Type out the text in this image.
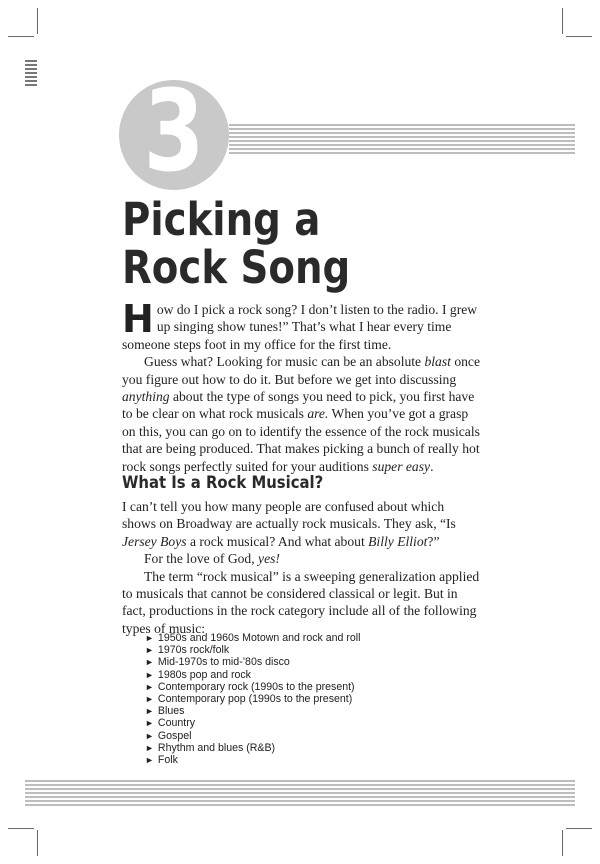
3
Picking a
Rock Song

How do I pick a rock song? I don’t listen to the radio. I grew up singing show tunes!” That’s what I hear every time someone steps foot in my office for the first time.

Guess what? Looking for music can be an absolute blast once you figure out how to do it. But before we get into discussing anything about the type of songs you need to pick, you first have to be clear on what rock musicals are. When you’ve got a grasp on this, you can go on to identify the essence of the rock musicals that are being produced. That makes picking a bunch of really hot rock songs perfectly suited for your auditions super easy.

What Is a Rock Musical?

I can’t tell you how many people are confused about which shows on Broadway are actually rock musicals. They ask, “Is Jersey Boys a rock musical? And what about Billy Elliot?”

For the love of God, yes!

The term “rock musical” is a sweeping generalization applied to musicals that cannot be considered classical or legit. But in fact, productions in the rock category include all of the following types of music:

► 1950s and 1960s Motown and rock and roll
► 1970s rock/folk
► Mid-1970s to mid-’80s disco
► 1980s pop and rock
► Contemporary rock (1990s to the present)
► Contemporary pop (1990s to the present)
► Blues
► Country
► Gospel
► Rhythm and blues (R&B)
► Folk
